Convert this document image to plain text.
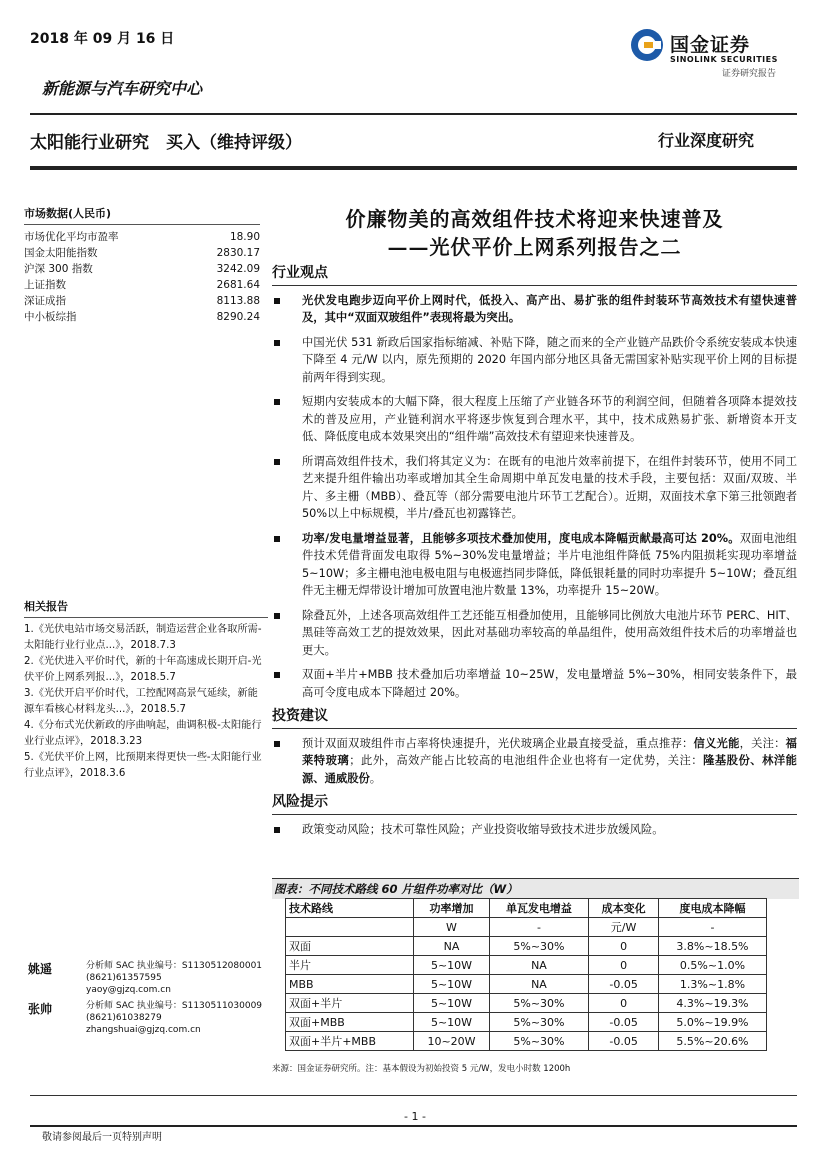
2018 年 09 月 16 日	国金证券
SINOLINK SECURITIES
证券研究报告
新能源与汽车研究中心
太阳能行业研究　买入（维持评级）	行业深度研究
市场数据(人民币)
市场优化平均市盈率	18.90
国金太阳能指数	2830.17
沪深 300 指数	3242.09
上证指数	2681.64
深证成指	8113.88
中小板综指	8290.24
相关报告
1.《光伏电站市场交易活跃，制造运营企业各取所需-太阳能行业行业点...》，2018.7.3
2.《光伏进入平价时代，新的十年高速成长期开启-光伏平价上网系列报...》，2018.5.7
3.《光伏开启平价时代，工控配网高景气延续，新能源车看核心材料龙头...》，2018.5.7
4.《分布式光伏新政的序曲响起，曲调积极-太阳能行业行业点评》，2018.3.23
5.《光伏平价上网，比预期来得更快一些-太阳能行业行业点评》，2018.3.6
姚遥	分析师 SAC 执业编号：S1130512080001
(8621)61357595
yaoy@gjzq.com.cn
张帅	分析师 SAC 执业编号：S1130511030009
(8621)61038279
zhangshuai@gjzq.com.cn
价廉物美的高效组件技术将迎来快速普及
——光伏平价上网系列报告之二
行业观点
光伏发电跑步迈向平价上网时代，低投入、高产出、易扩张的组件封装环节高效技术有望快速普及，其中“双面双玻组件”表现将最为突出。
中国光伏 531 新政后国家指标缩减、补贴下降，随之而来的全产业链产品跌价令系统安装成本快速下降至 4 元/W 以内，原先预期的 2020 年国内部分地区具备无需国家补贴实现平价上网的目标提前两年得到实现。
短期内安装成本的大幅下降，很大程度上压缩了产业链各环节的利润空间，但随着各项降本提效技术的普及应用，产业链利润水平将逐步恢复到合理水平，其中，技术成熟易扩张、新增资本开支低、降低度电成本效果突出的“组件端”高效技术有望迎来快速普及。
所谓高效组件技术，我们将其定义为：在既有的电池片效率前提下，在组件封装环节，使用不同工艺来提升组件输出功率或增加其全生命周期中单瓦发电量的技术手段，主要包括：双面/双玻、半片、多主栅（MBB）、叠瓦等（部分需要电池片环节工艺配合）。近期，双面技术拿下第三批领跑者 50%以上中标规模，半片/叠瓦也初露锋芒。
功率/发电量增益显著，且能够多项技术叠加使用，度电成本降幅贡献最高可达 20%。双面电池组件技术凭借背面发电取得 5%~30%发电量增益；半片电池组件降低 75%内阻损耗实现功率增益 5~10W；多主栅电池电极电阻与电极遮挡同步降低，降低银耗量的同时功率提升 5~10W；叠瓦组件无主栅无焊带设计增加可放置电池片数量 13%，功率提升 15~20W。
除叠瓦外，上述各项高效组件工艺还能互相叠加使用，且能够同比例放大电池片环节 PERC、HIT、黑硅等高效工艺的提效效果，因此对基础功率较高的单晶组件，使用高效组件技术后的功率增益也更大。
双面+半片+MBB 技术叠加后功率增益 10~25W，发电量增益 5%~30%，相同安装条件下，最高可令度电成本下降超过 20%。
投资建议
预计双面双玻组件市占率将快速提升，光伏玻璃企业最直接受益，重点推荐：信义光能，关注：福莱特玻璃；此外，高效产能占比较高的电池组件企业也将有一定优势，关注：隆基股份、林洋能源、通威股份。
风险提示
政策变动风险；技术可靠性风险；产业投资收缩导致技术进步放缓风险。
图表：不同技术路线 60 片组件功率对比（W）
技术路线	功率增加	单瓦发电增益	成本变化	度电成本降幅
	W	-	元/W	-
双面	NA	5%~30%	0	3.8%~18.5%
半片	5~10W	NA	0	0.5%~1.0%
MBB	5~10W	NA	-0.05	1.3%~1.8%
双面+半片	5~10W	5%~30%	0	4.3%~19.3%
双面+MBB	5~10W	5%~30%	-0.05	5.0%~19.9%
双面+半片+MBB	10~20W	5%~30%	-0.05	5.5%~20.6%
来源：国金证券研究所。注：基本假设为初始投资 5 元/W，发电小时数 1200h
- 1 -
敬请参阅最后一页特别声明
